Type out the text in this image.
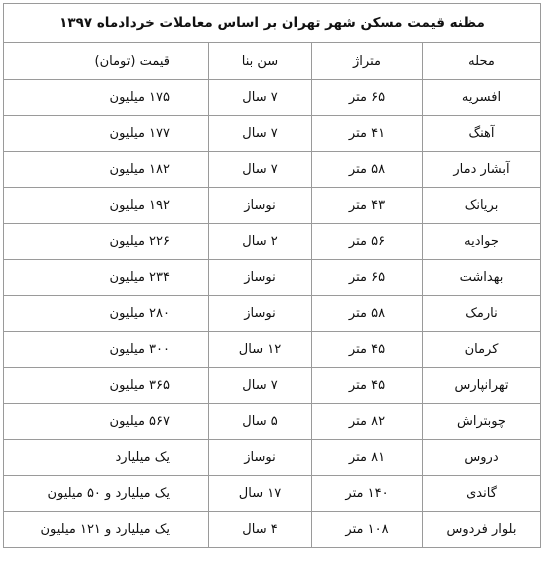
مظنه قیمت مسکن شهر تهران بر اساس معاملات خردادماه ۱۳۹۷			
محله	متراژ	سن بنا	قیمت (تومان)
افسریه	۶۵ متر	۷ سال	۱۷۵ میلیون
آهنگ	۴۱ متر	۷ سال	۱۷۷ میلیون
آبشار دمار	۵۸ متر	۷ سال	۱۸۲ میلیون
بریانک	۴۳ متر	نوساز	۱۹۲ میلیون
جوادیه	۵۶ متر	۲ سال	۲۲۶ میلیون
بهداشت	۶۵ متر	نوساز	۲۳۴ میلیون
نارمک	۵۸ متر	نوساز	۲۸۰ میلیون
کرمان	۴۵ متر	۱۲ سال	۳۰۰ میلیون
تهرانپارس	۴۵ متر	۷ سال	۳۶۵ میلیون
چوبتراش	۸۲ متر	۵ سال	۵۶۷ میلیون
دروس	۸۱ متر	نوساز	یک میلیارد
گاندی	۱۴۰ متر	۱۷ سال	یک میلیارد و ۵۰ میلیون
بلوار فردوس	۱۰۸ متر	۴ سال	یک میلیارد و ۱۲۱ میلیون
